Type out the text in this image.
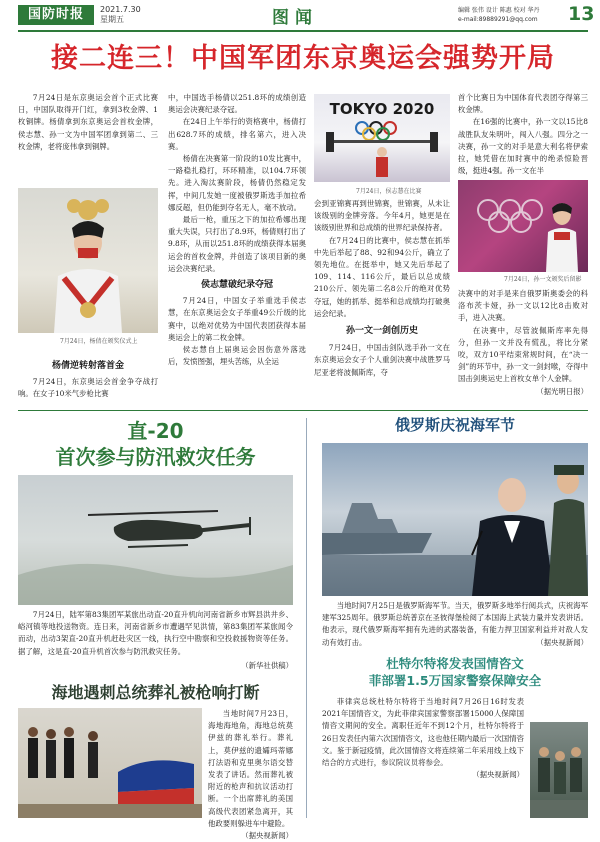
国防时报	2021.7.30
星期五	图闻	编辑 张伟 设计 陈惠 校对 华丹
e-mail:89889291@qq.com 13
接二连三！中国军团东京奥运会强势开局

7月24日是东京奥运会首个正式比赛日，中国队取得开门红，拿到3枚金牌、1枚铜牌。杨倩拿到东京奥运会首枚金牌，侯志慧、孙一文为中国军团拿到第二、三枚金牌，老将庞伟拿到铜牌。

7月24日，杨倩在颁奖仪式上
杨倩逆转射落首金

7月24日，东京奥运会首金争夺战打响。在女子10米气步枪比赛

中，中国选手杨倩以251.8环的成绩创造奥运会决赛纪录夺冠。

在24日上午举行的资格赛中，杨倩打出628.7环的成绩，排名第六，进入决赛。

杨倩在决赛第一阶段的10发比赛中，一路稳扎稳打，环环精准，以104.7环领先。进入淘汰赛阶段，杨倩仍然稳定发挥，中间几发她一度被俄罗斯选手加拉希娜反超，但仍能到夺名无人，毫不放动。

最后一枪，重压之下的加拉希娜出现重大失误，只打出了8.9环，杨倩则打出了9.8环，从而以251.8环的成绩获得本届奥运会的首枚金牌，并创造了该项目新的奥运会决赛纪录。

侯志慧破纪录夺冠

7月24日，中国女子举重选手侯志慧，在东京奥运会女子举重49公斤级的比赛中，以绝对优势为中国代表团获得本届奥运会上的第二枚金牌。

侯志慧自上届奥运会因伤意外落选后，发愤图强，埋头苦练，从全运

TOKYO 2020
7月24日，侯志慧在比赛

会到亚锦赛再到世锦赛，世锦赛，从未让该级别的金牌旁落。今年4月，她更是在该级别世界和总成绩的世界纪录保持者。

在7月24日的比赛中，侯志慧在抓举中先后举起了88、92和94公斤，确立了领先地位。在挺举中，她又先后举起了109、114、116公斤，最后以总成绩210公斤、领先第二名8公斤的绝对优势夺冠，她的抓举、挺举和总成绩均打破奥运会纪录。

孙一文一剑创历史

7月24日，中国击剑队选手孙一文在东京奥运会女子个人重剑决赛中战胜罗马尼亚老将波佩斯库，夺

首个比赛日为中国体育代表团夺得第三枚金牌。

在16强的比赛中，孙一文以15比8战胜队友朱明叶，闯入八强。四分之一决赛，孙一文的对手是意大利名将伊索拉，她凭借在加时赛中的绝杀惊险晋级，挺进4强。孙一文在半

7月24日，孙一文颁奖后留影

决赛中的对手是来自俄罗斯奥委会的科洛布茨卡娅，孙一文以12比8击败对手，进入决赛。

在决赛中，尽管波佩斯库率先得分，但孙一文并没有慌乱，将比分紧咬，双方10平结束常规时间，在“决一剑”的环节中，孙一文一剑封喉，夺得中国击剑奥运史上首枚女单个人金牌。

（据光明日报）
直-20
首次参与防汛救灾任务

7月24日，陆军第83集团军某旅出动直-20直升机向河南省新乡市辉县洪井乡、峪河镇等地投送物资。连日来，河南省新乡市遭遇罕见洪情，第83集团军某旅闻令而动，出动3架直-20直升机赶赴灾区一线，执行空中勘察和空投救援物资等任务。据了解，这是直-20直升机首次参与防汛救灾任务。

（新华社供稿）
俄罗斯庆祝海军节

当地时间7月25日是俄罗斯海军节。当天，俄罗斯多地举行阅兵式，庆祝海军建军325周年。俄罗斯总统普京在圣彼得堡检阅了本国海上武装力量并发表讲话。他表示，现代俄罗斯海军拥有先进的武器装备，有能力捍卫国家利益并对敌人发动有效打击。	（据央视新闻）
海地遇刺总统葬礼被枪响打断

当地时间7月23日，海地海地角，海地总统莫伊兹的葬礼举行。葬礼上，莫伊兹的遗孀玛蒂娜打法语和克里奥尔语交替发表了讲话。然而葬礼被附近的枪声和抗议活动打断。一个出席葬礼的美国高级代表团紧急离开，其他政要则躲进车中避险。

（据央视新闻）
杜特尔特将发表国情咨文
菲部署1.5万国家警察保障安全

菲律宾总统杜特尔特将于当地时间7月26日16时发表2021年国情咨文，为此菲律宾国家警察部署15000人保障国情咨文期间的安全。离职任近年不到12个月，杜特尔特将于26日发表任内第六次国情咨文，这也他任期内最后一次国情咨文。鉴于新冠疫情，此次国情咨文将连续第二年采用线上线下结合的方式进行，参议院议员将参会。

（据央视新闻）
